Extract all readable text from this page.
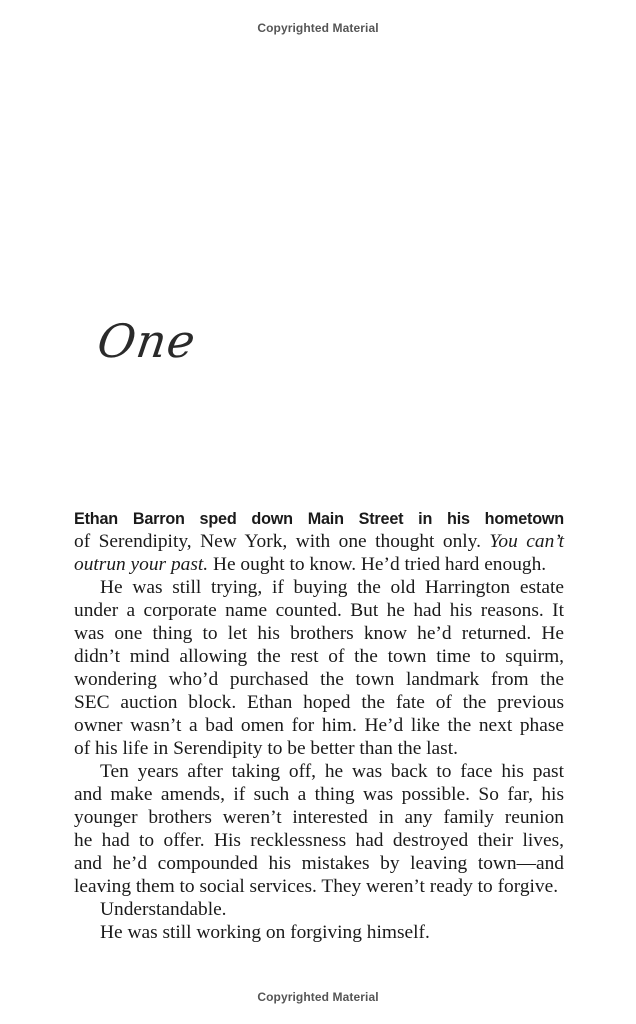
Copyrighted Material
One
Ethan Barron sped down Main Street in his hometown
of Serendipity, New York, with one thought only. You can’t
outrun your past. He ought to know. He’d tried hard enough.
He was still trying, if buying the old Harrington estate
under a corporate name counted. But he had his reasons. It
was one thing to let his brothers know he’d returned. He
didn’t mind allowing the rest of the town time to squirm,
wondering who’d purchased the town landmark from the
SEC auction block. Ethan hoped the fate of the previous
owner wasn’t a bad omen for him. He’d like the next phase
of his life in Serendipity to be better than the last.
Ten years after taking off, he was back to face his past
and make amends, if such a thing was possible. So far, his
younger brothers weren’t interested in any family reunion
he had to offer. His recklessness had destroyed their lives,
and he’d compounded his mistakes by leaving town—and
leaving them to social services. They weren’t ready to forgive.
Understandable.
He was still working on forgiving himself.
Copyrighted Material
